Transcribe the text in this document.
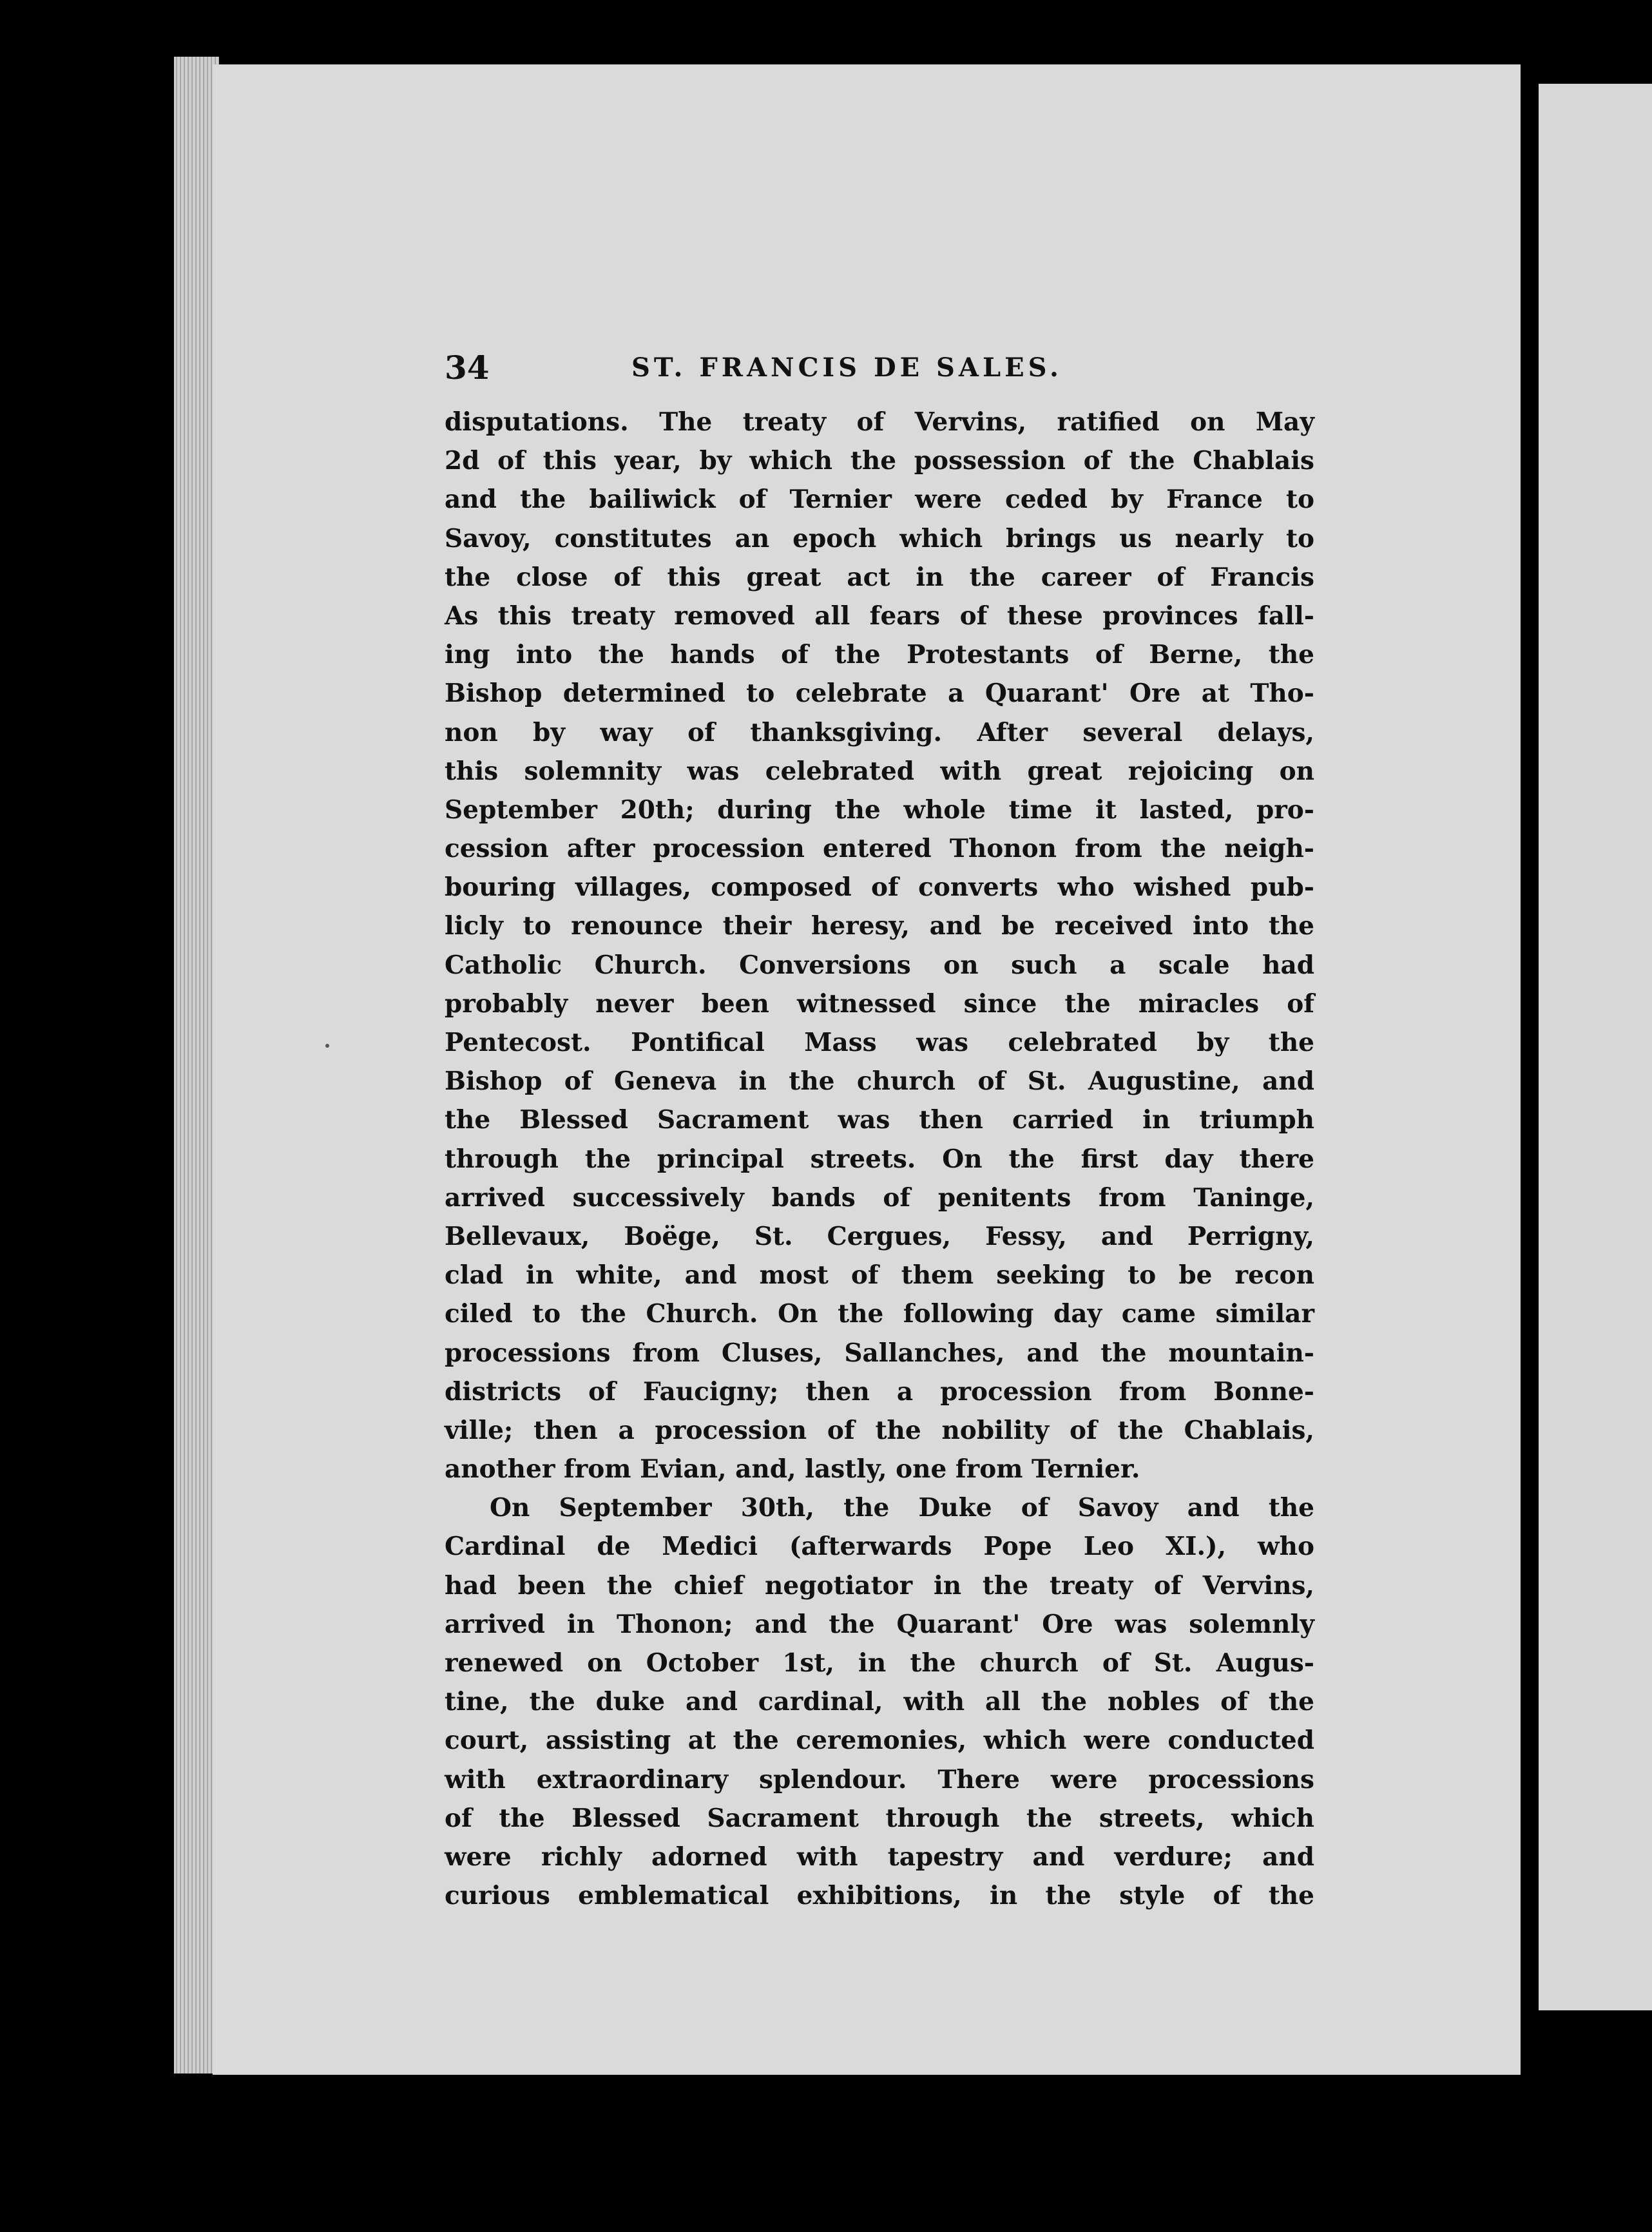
34	ST. FRANCIS DE SALES.
disputations. The treaty of Vervins, ratified on May
2d of this year, by which the possession of the Chablais
and the bailiwick of Ternier were ceded by France to
Savoy, constitutes an epoch which brings us nearly to
the close of this great act in the career of Francis
As this treaty removed all fears of these provinces fall-
ing into the hands of the Protestants of Berne, the
Bishop determined to celebrate a Quarant' Ore at Tho-
non by way of thanksgiving. After several delays,
this solemnity was celebrated with great rejoicing on
September 20th; during the whole time it lasted, pro-
cession after procession entered Thonon from the neigh-
bouring villages, composed of converts who wished pub-
licly to renounce their heresy, and be received into the
Catholic Church. Conversions on such a scale had
probably never been witnessed since the miracles of
Pentecost. Pontifical Mass was celebrated by the
Bishop of Geneva in the church of St. Augustine, and
the Blessed Sacrament was then carried in triumph
through the principal streets. On the first day there
arrived successively bands of penitents from Taninge,
Bellevaux, Boëge, St. Cergues, Fessy, and Perrigny,
clad in white, and most of them seeking to be recon
ciled to the Church. On the following day came similar
processions from Cluses, Sallanches, and the mountain-
districts of Faucigny; then a procession from Bonne-
ville; then a procession of the nobility of the Chablais,
another from Evian, and, lastly, one from Ternier.
On September 30th, the Duke of Savoy and the
Cardinal de Medici (afterwards Pope Leo XI.), who
had been the chief negotiator in the treaty of Vervins,
arrived in Thonon; and the Quarant' Ore was solemnly
renewed on October 1st, in the church of St. Augus-
tine, the duke and cardinal, with all the nobles of the
court, assisting at the ceremonies, which were conducted
with extraordinary splendour. There were processions
of the Blessed Sacrament through the streets, which
were richly adorned with tapestry and verdure; and
curious emblematical exhibitions, in the style of the
